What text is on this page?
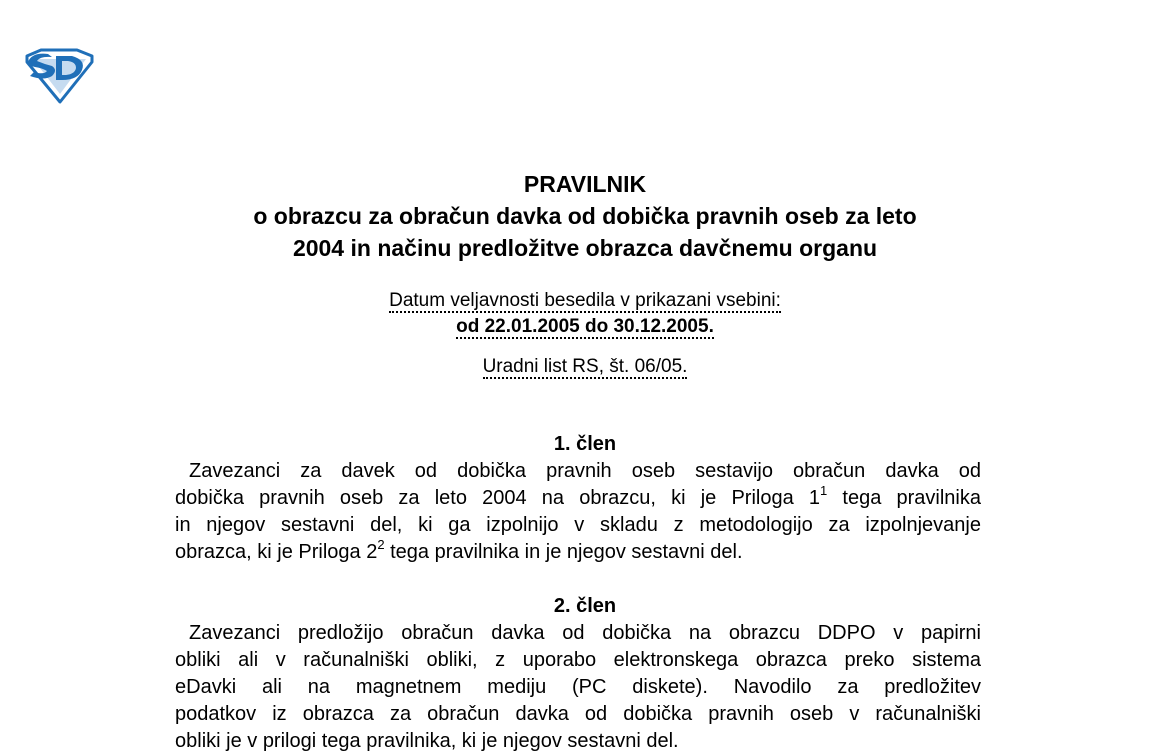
SD
PRAVILNIK
o obrazcu za obračun davka od dobička pravnih oseb za leto
2004 in načinu predložitve obrazca davčnemu organu
Datum veljavnosti besedila v prikazani vsebini:
od 22.01.2005 do 30.12.2005.
Uradni list RS, št. 06/05.
1. člen
Zavezanci za davek od dobička pravnih oseb sestavijo obračun davka od
dobička pravnih oseb za leto 2004 na obrazcu, ki je Priloga $1^1$ tega pravilnika
in njegov sestavni del, ki ga izpolnijo v skladu z metodologijo za izpolnjevanje
obrazca, ki je Priloga $2^2$ tega pravilnika in je njegov sestavni del.
2. člen
Zavezanci predložijo obračun davka od dobička na obrazcu DDPO v papirni
obliki ali v računalniški obliki, z uporabo elektronskega obrazca preko sistema
eDavki ali na magnetnem mediju (PC diskete). Navodilo za predložitev
podatkov iz obrazca za obračun davka od dobička pravnih oseb v računalniški
obliki je v prilogi tega pravilnika, ki je njegov sestavni del.
